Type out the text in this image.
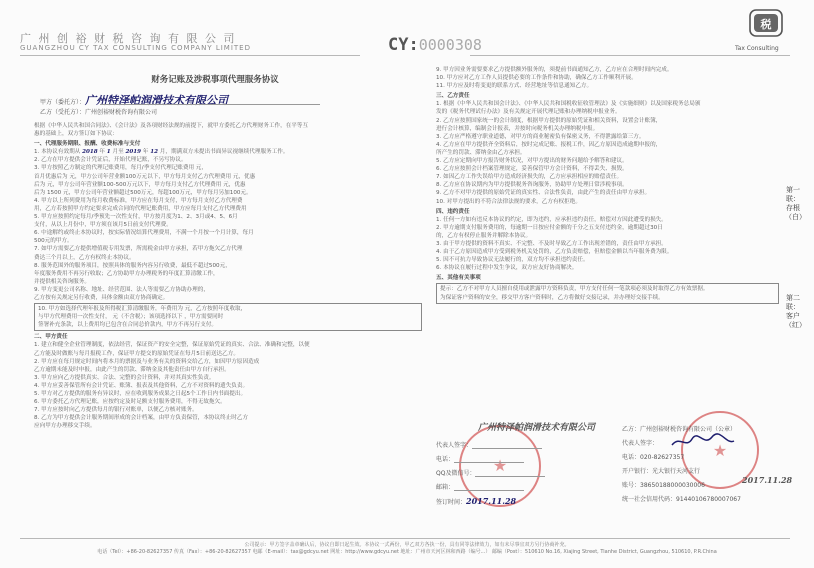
广 州 创 裕 财 税 咨 询 有 限 公 司
GUANGZHOU CY TAX CONSULTING COMPANY LIMITED	CY:0000308
税
Tax Consulting
财务记账及涉税事项代理服务协议
甲方（委托方）：广州特泽帕润滑技术有限公司
乙方（受托方）：广州创裕财税咨询有限公司
根据《中华人民共和国合同法》、《会计法》及各项财经法规的前提下，就甲方委托乙方代理财务工作，在平等互
惠的基础上，双方签订如下协议：
一、代理服务期限、报酬、收费标准与支付
1. 本协议有效期从 2018 年 1 月至 2019 年 12 月，期满双方未提出书面异议视继续代理服务工作。
2. 乙方在甲方提供会计凭证后，开始代理记账，不另写协议。
3. 甲方按照乙方制定的代理记账费用，每月/季支付代理记账费用 元，
首月优惠后为 元，甲方公司年营业额100万元以下，甲方每月支付乙方代理费用 元，优惠
后为 元，甲方公司年营业额100-500万元以下，甲方每月支付乙方代理费用 元，优惠
后为 1500 元，甲方公司年营业额超过500万元，每超100万元，甲方每月另加100元。
4. 甲方以上所列费用为每月收费标准，甲方应在每月支付，甲方每月支付乙方代理费
用，乙方若按照甲方约定要求完成合同的代理记账费用，甲方应每月支付乙方代理费用
5. 甲方应按照约定每月/季预先一次性支付，甲方按月度为1、2、3月或4、5、6月
支付，从以上月份中，甲方须在该月5日前支付代理费。
6. 中途解约或终止本协议时，按实际情况结算代理费用，不满一个月按一个月计算，每月
500元的甲方。
7. 如甲方需要乙方提供增值税专用发票，所需税金由甲方承担，若甲方拖欠乙方代理
费达三个月以上，乙方有权终止本协议。
8. 服务范围外的服务项目，按照具体的服务内容另行收费，最低不超过500元，
年度服务费用不再另行收取；乙方协助甲方办理税务的年度汇算清缴工作，
并提供相关咨询服务。
9. 甲方变更公司名称、地址、经营范围、法人等需要乙方协助办理的，
乙方按有关规定另行收费，具体金额由双方协商确定。
10. 甲方如选择代理年报及所得税汇算清缴服务，年费用为 元，乙方按照年度收取，
与甲方代理费用一次性支付， 元（不含税）；该项选择以下 ，甲方需要同时
签署补充条款，以上费用均已包含在合同总价款内，甲方不再另行支付。
二、甲方责任
1. 建立和健全企业管理制度，依法经营，保证资产的安全完整，保证原始凭证的真实、合法、准确和完整，以便
乙方能及时做账与每月报税工作，保证甲方提交的原始凭证在每月5日前送达乙方。
2. 甲方应在每月规定时间内将本月的票据及与业务有关的资料交给乙方，如因甲方原因造成
乙方逾期未能及时申报，由此产生的罚款、滞纳金及其他责任由甲方自行承担。
3. 甲方应向乙方提供真实、合法、完整的会计资料，并对其真实性负责。
4. 甲方应妥善保管所有会计凭证、账簿、报表及其他资料，乙方不对资料的遗失负责。
5. 甲方对乙方提供的服务有异议时，应在收到服务成果之日起5个工作日内书面提出。
6. 甲方委托乙方代理记账，应按约定及时足额支付服务费用，不得无故拖欠。
7. 甲方应按时向乙方提供每月的银行对账单，以便乙方核对账务。
8. 乙方为甲方提供会计服务期间形成的会计档案，由甲方负责保管，本协议终止时乙方
应向甲方办理移交手续。
9. 甲方因业务需要要求乙方提供额外服务的，须提前书面通知乙方，乙方应在合理时间内完成。
10. 甲方应对乙方工作人员提供必要的工作条件和协助，确保乙方工作顺利开展。
11. 甲方应及时将变更的联系方式、经营地址等信息通知乙方。
三、乙方责任
1. 根据《中华人民共和国会计法》、《中华人民共和国税收征收管理法》及《实施细则》以及国家税务总局颁
发的《税务代理试行办法》及有关规定开展代理记账和办理纳税申报业务。
2. 乙方应按照国家统一的会计制度，根据甲方提供的原始凭证和相关资料，设置会计账簿，
进行会计核算，编制会计报表，并按时向税务机关办理纳税申报。
3. 乙方应严格遵守职业道德，对甲方的商业秘密负有保密义务，不得泄露给第三方。
4. 乙方应在甲方提供齐全资料后，按时完成记账、报税工作，因乙方原因造成逾期申报的，
所产生的罚款、滞纳金由乙方承担。
5. 乙方应定期向甲方报告财务状况，对甲方提出的财务问题给予解答和建议。
6. 乙方应按照会计档案管理规定，妥善保管甲方会计资料，不得丢失、损毁。
7. 如因乙方工作失误给甲方造成经济损失的，乙方应承担相应的赔偿责任。
8. 乙方应在协议期内为甲方提供税务咨询服务，协助甲方处理日常涉税事项。
9. 乙方不对甲方提供的原始凭证的真实性、合法性负责，由此产生的责任由甲方承担。
10. 对甲方提出的不符合法律法规的要求，乙方有权拒绝。
四、违约责任
1. 任何一方如有违反本协议的约定，即为违约，应承担违约责任，赔偿对方因此遭受的损失。
2. 甲方逾期支付服务费用的，每逾期一日按应付金额的千分之五支付违约金，逾期超过30日
的，乙方有权停止服务并解除本协议。
3. 由于甲方提供的资料不真实、不完整、不及时导致乙方工作出现差错的，责任由甲方承担。
4. 由于乙方原因造成甲方受到税务机关处罚的，乙方负责赔偿，但赔偿金额以当年服务费为限。
5. 因不可抗力导致协议无法履行的，双方均不承担违约责任。
6. 本协议在履行过程中发生争议，双方应友好协商解决。
五、其他有关事项
提示：乙方不对甲方人员擅自使用或泄露甲方资料负责，甲方支付任何一笔款项必须及时取得乙方有效票据。
为保证客户资料的安全，移交甲方客户资料时，乙方将做好交接记录，并办理好交接手续。
★
广州特泽帕润滑技术有限公司
代表人签字：
电话：
QQ及微信号：
邮箱：
签订时间：2017.11.28
★
乙方：广州创裕财税咨询有限公司（公章）
代表人签字：
电话：020-82627357
开户银行：光大银行天河支行
账号：38650188000030006
2017.11.28
统一社会信用代码：91440106780007067
第一联：存根（白）
第二联：客户（红）
公司提示：甲方签字盖章确认后，协议自即日起生效。本协议一式两份，甲乙双方各执一份，具有同等法律效力，如有未尽事宜双方另行协商补充。
电话（Tel）：+86-20-82627357 传真（Fax）：+86-20-82627357 电邮（E-mail）：tax@gdcyu.net 网址：http://www.gdcyu.net 地址：广州市天河区林和西路（编号...） 邮编（Post）：510610 No.16, Xiajing Street, Tianhe District, Guangzhou, 510610, P.R.China
